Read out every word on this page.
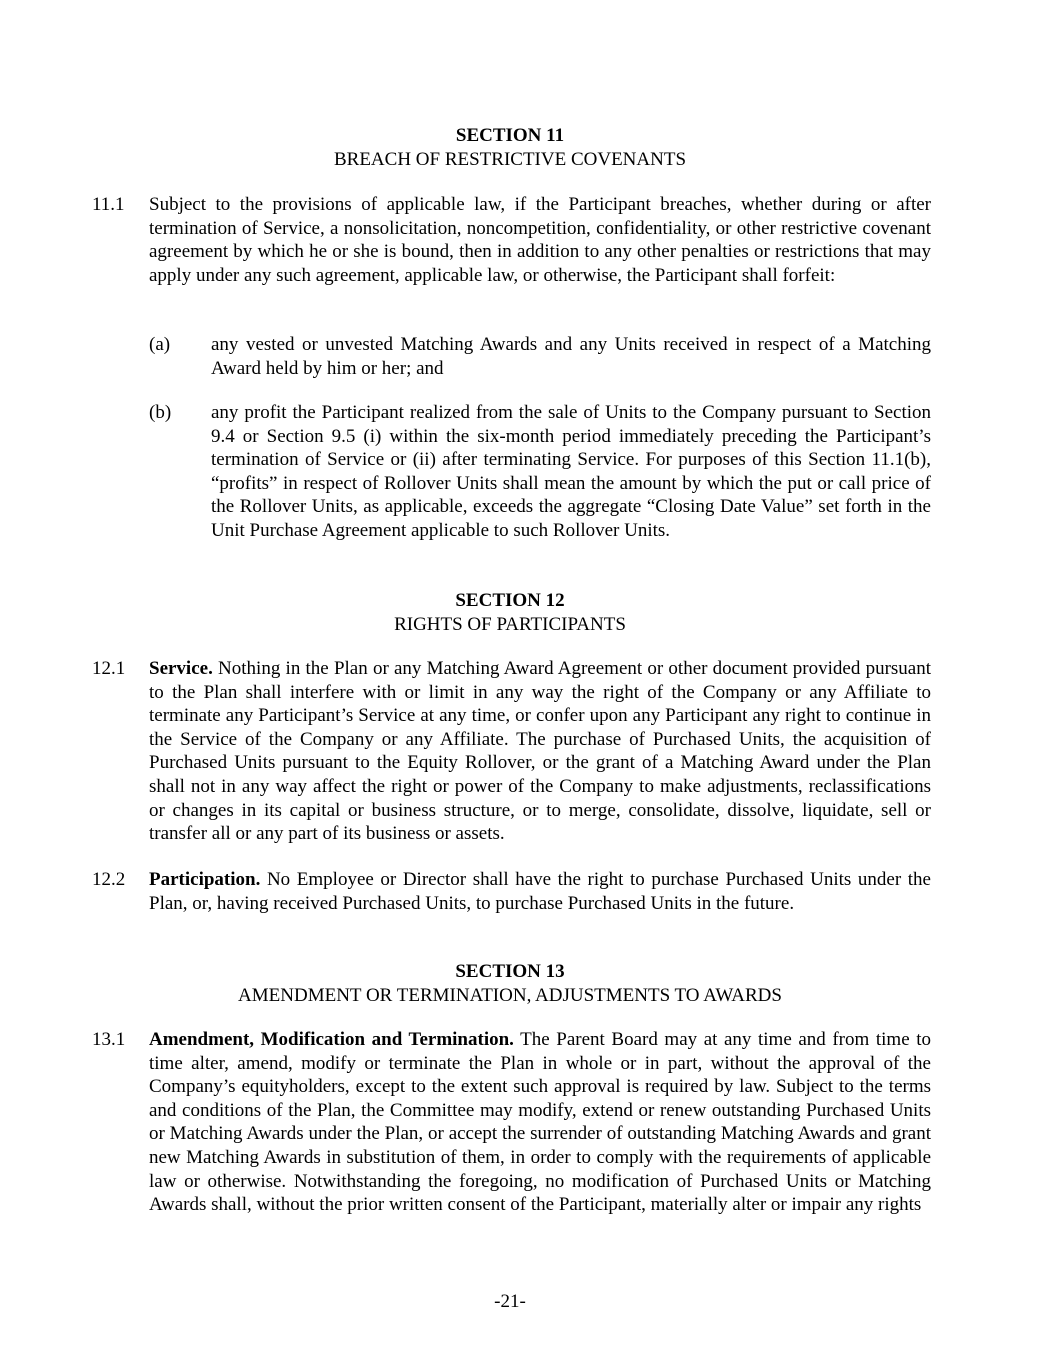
SECTION 11
BREACH OF RESTRICTIVE COVENANTS
11.1 Subject to the provisions of applicable law, if the Participant breaches, whether during or after termination of Service, a nonsolicitation, noncompetition, confidentiality, or other restrictive covenant agreement by which he or she is bound, then in addition to any other penalties or restrictions that may apply under any such agreement, applicable law, or otherwise, the Participant shall forfeit:
(a) any vested or unvested Matching Awards and any Units received in respect of a Matching Award held by him or her; and
(b) any profit the Participant realized from the sale of Units to the Company pursuant to Section 9.4 or Section 9.5 (i) within the six-month period immediately preceding the Participant’s termination of Service or (ii) after terminating Service. For purposes of this Section 11.1(b), “profits” in respect of Rollover Units shall mean the amount by which the put or call price of the Rollover Units, as applicable, exceeds the aggregate “Closing Date Value” set forth in the Unit Purchase Agreement applicable to such Rollover Units.
SECTION 12
RIGHTS OF PARTICIPANTS
12.1 Service. Nothing in the Plan or any Matching Award Agreement or other document provided pursuant to the Plan shall interfere with or limit in any way the right of the Company or any Affiliate to terminate any Participant’s Service at any time, or confer upon any Participant any right to continue in the Service of the Company or any Affiliate. The purchase of Purchased Units, the acquisition of Purchased Units pursuant to the Equity Rollover, or the grant of a Matching Award under the Plan shall not in any way affect the right or power of the Company to make adjustments, reclassifications or changes in its capital or business structure, or to merge, consolidate, dissolve, liquidate, sell or transfer all or any part of its business or assets.
12.2 Participation. No Employee or Director shall have the right to purchase Purchased Units under the Plan, or, having received Purchased Units, to purchase Purchased Units in the future.
SECTION 13
AMENDMENT OR TERMINATION, ADJUSTMENTS TO AWARDS
13.1 Amendment, Modification and Termination. The Parent Board may at any time and from time to time alter, amend, modify or terminate the Plan in whole or in part, without the approval of the Company’s equityholders, except to the extent such approval is required by law. Subject to the terms and conditions of the Plan, the Committee may modify, extend or renew outstanding Purchased Units or Matching Awards under the Plan, or accept the surrender of outstanding Matching Awards and grant new Matching Awards in substitution of them, in order to comply with the requirements of applicable law or otherwise. Notwithstanding the foregoing, no modification of Purchased Units or Matching Awards shall, without the prior written consent of the Participant, materially alter or impair any rights
-21-
